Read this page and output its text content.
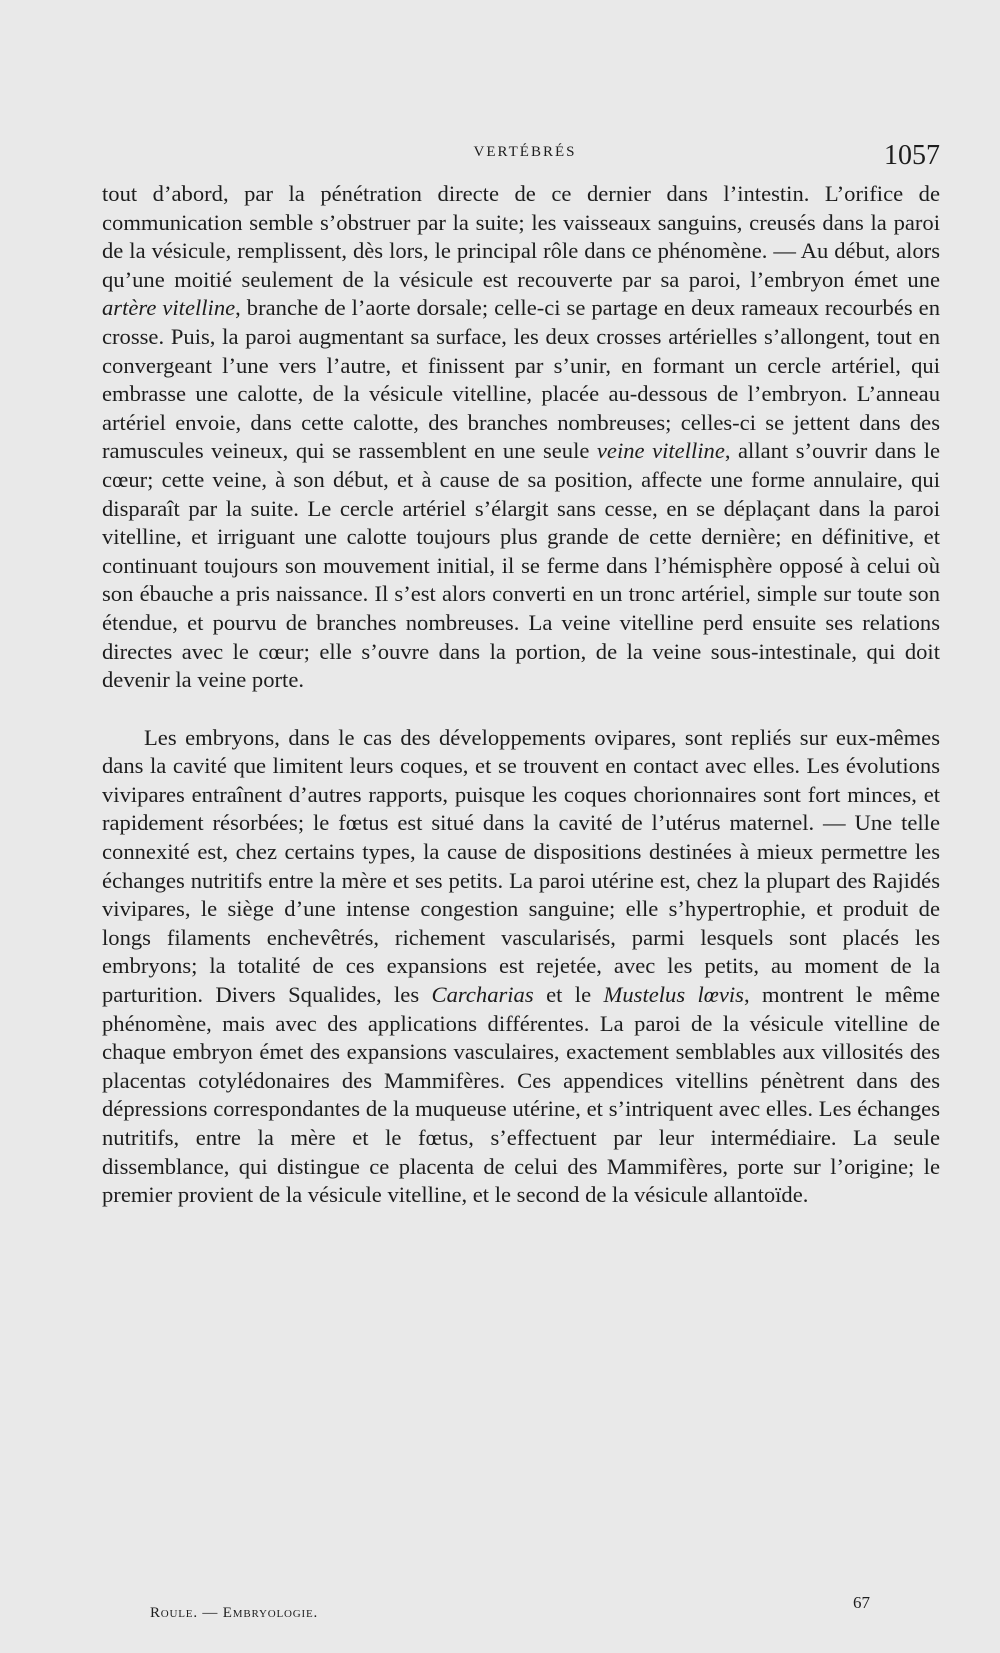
VERTÉBRÉS	1057

tout d’abord, par la pénétration directe de ce dernier dans l’intestin. L’orifice de communication semble s’obstruer par la suite; les vaisseaux sanguins, creusés dans la paroi de la vésicule, remplissent, dès lors, le principal rôle dans ce phénomène. — Au début, alors qu’une moitié seulement de la vésicule est recouverte par sa paroi, l’embryon émet une artère vitelline, branche de l’aorte dorsale; celle-ci se partage en deux rameaux recourbés en crosse. Puis, la paroi augmentant sa surface, les deux crosses artérielles s’allongent, tout en convergeant l’une vers l’autre, et finissent par s’unir, en formant un cercle artériel, qui embrasse une calotte, de la vésicule vitelline, placée au-dessous de l’embryon. L’anneau artériel envoie, dans cette calotte, des branches nombreuses; celles-ci se jettent dans des ramuscules veineux, qui se rassemblent en une seule veine vitelline, allant s’ouvrir dans le cœur; cette veine, à son début, et à cause de sa position, affecte une forme annulaire, qui disparaît par la suite. Le cercle artériel s’élargit sans cesse, en se déplaçant dans la paroi vitelline, et irriguant une calotte toujours plus grande de cette dernière; en définitive, et continuant toujours son mouvement initial, il se ferme dans l’hémisphère opposé à celui où son ébauche a pris naissance. Il s’est alors converti en un tronc artériel, simple sur toute son étendue, et pourvu de branches nombreuses. La veine vitelline perd ensuite ses relations directes avec le cœur; elle s’ouvre dans la portion, de la veine sous-intestinale, qui doit devenir la veine porte.

Les embryons, dans le cas des développements ovipares, sont repliés sur eux-mêmes dans la cavité que limitent leurs coques, et se trouvent en contact avec elles. Les évolutions vivipares entraînent d’autres rapports, puisque les coques chorionnaires sont fort minces, et rapidement résorbées; le fœtus est situé dans la cavité de l’utérus maternel. — Une telle connexité est, chez certains types, la cause de dispositions destinées à mieux permettre les échanges nutritifs entre la mère et ses petits. La paroi utérine est, chez la plupart des Rajidés vivipares, le siège d’une intense congestion sanguine; elle s’hypertrophie, et produit de longs filaments enchevêtrés, richement vascularisés, parmi lesquels sont placés les embryons; la totalité de ces expansions est rejetée, avec les petits, au moment de la parturition. Divers Squalides, les Carcharias et le Mustelus lœvis, montrent le même phénomène, mais avec des applications différentes. La paroi de la vésicule vitelline de chaque embryon émet des expansions vasculaires, exactement semblables aux villosités des placentas cotylédonaires des Mammifères. Ces appendices vitellins pénètrent dans des dépressions correspondantes de la muqueuse utérine, et s’intriquent avec elles. Les échanges nutritifs, entre la mère et le fœtus, s’effectuent par leur intermédiaire. La seule dissemblance, qui distingue ce placenta de celui des Mammifères, porte sur l’origine; le premier provient de la vésicule vitelline, et le second de la vésicule allantoïde.

Roule. — Embryologie.
67
